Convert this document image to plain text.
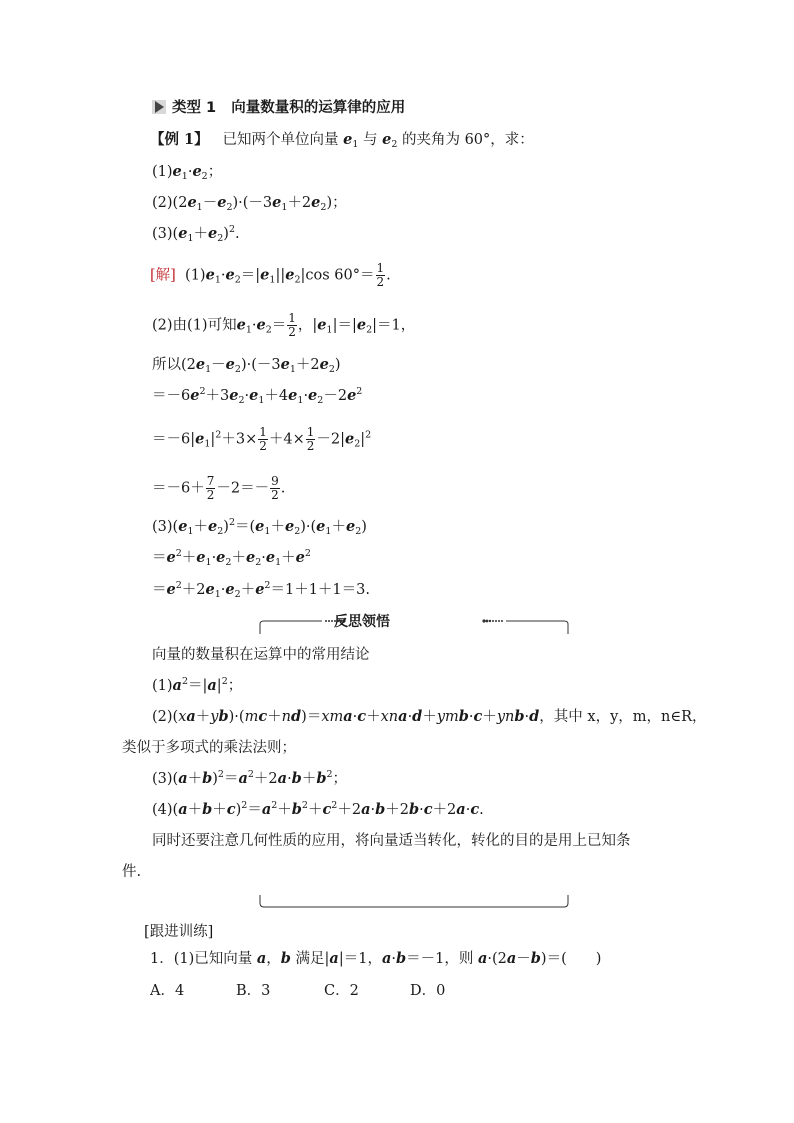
类型 1 向量数量积的运算律的应用
【例 1】 已知两个单位向量 $e_1$ 与 $e_2$ 的夹角为 60°，求：
$(1)e_1\cdot e_2$；
$(2)(2e_1-e_2)\cdot(-3e_1+2e_2)$；
$(3)(e_1+e_2)^2$.
[解] $(1)e_1\cdot e_2=|e_1||e_2|\cos$ $60^\circ= \frac{1}{2}$ .
(2)由(1)可知$e_1\cdot e_2= \frac{1}{2}$ ，$|e_1|=|e_2|=1$，
所以$(2e_1-e_2)\cdot(-3e_1+2e_2)$
$=-6e^2+3e_2\cdot e_1+4e_1\cdot e_2-2e^2$
$=-6|e_1|^2+3\times \frac{1}{2} +4\times \frac{1}{2} -2|e_2|^2$
$=-6+ \frac{7}{2} -2=- \frac{9}{2}$ .
$(3)(e_1+e_2)^2=(e_1+e_2)\cdot(e_1+e_2)$
$=e^2+e_1\cdot e_2+e_2\cdot e_1+e^2$
$=e^2+2e_1\cdot e_2+e^2=1+1+1=3$.
反思领悟
向量的数量积在运算中的常用结论
$(1)a^2=|a|^2$；
(2)(xa＋yb)·(mc＋nd)＝xma·c＋xna·d＋ymb·c＋ynb·d，其中 x，y，m，n∈R，
类似于多项式的乘法法则；
$(3)(a+b)^2=a^2+2a\cdot b+b^2$；
$(4)(a+b+c)^2=a^2+b^2+c^2+2a\cdot b+2b\cdot c+2a\cdot c$.
同时还要注意几何性质的应用，将向量适当转化，转化的目的是用上已知条
件.
[跟进训练]
1．(1)已知向量 a，b 满足|a|＝1，a·b＝－1，则 a·(2a－b)＝(　　)
A．4	B．3	C．2	D．0
